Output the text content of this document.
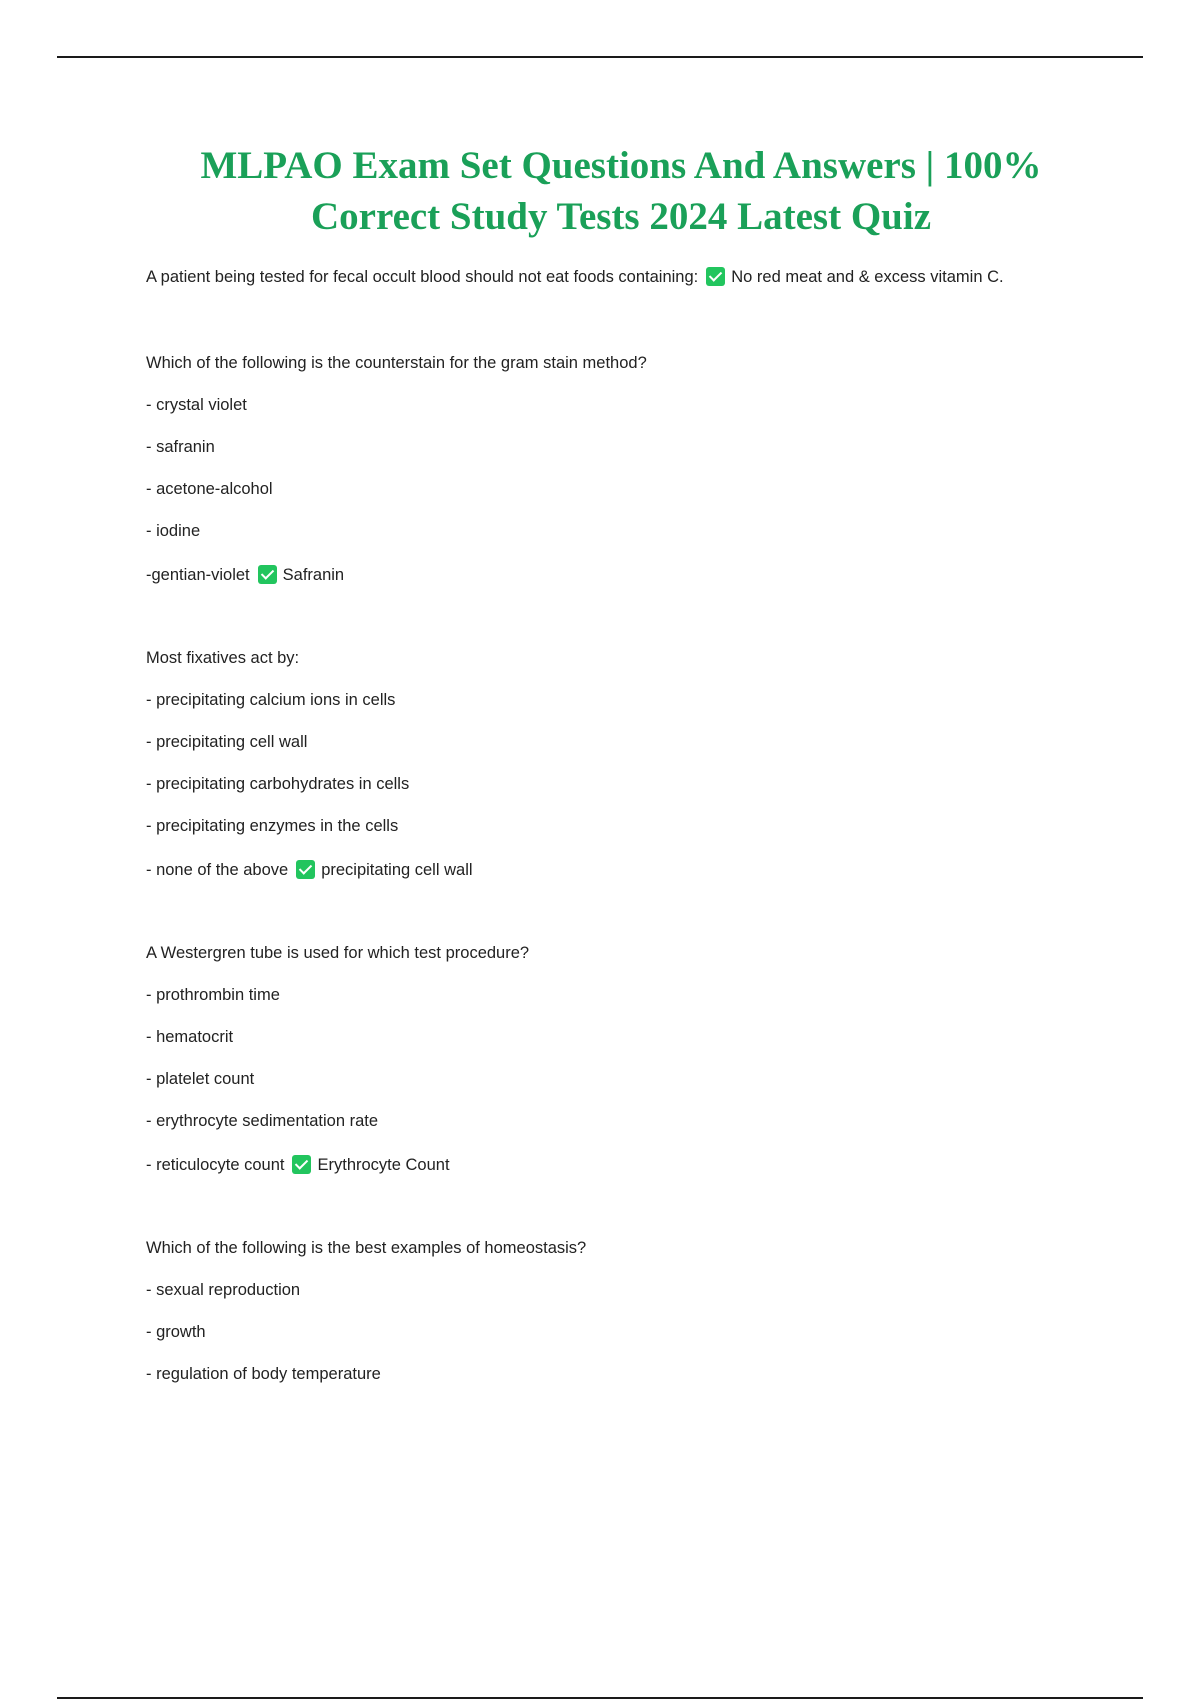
MLPAO Exam Set Questions And Answers | 100% Correct Study Tests 2024 Latest Quiz

A patient being tested for fecal occult blood should not eat foods containing: No red meat and & excess vitamin C.

Which of the following is the counterstain for the gram stain method?

- crystal violet

- safranin

- acetone-alcohol

- iodine

-gentian-violet Safranin

Most fixatives act by:

- precipitating calcium ions in cells

- precipitating cell wall

- precipitating carbohydrates in cells

- precipitating enzymes in the cells

- none of the above precipitating cell wall

A Westergren tube is used for which test procedure?

- prothrombin time

- hematocrit

- platelet count

- erythrocyte sedimentation rate

- reticulocyte count Erythrocyte Count

Which of the following is the best examples of homeostasis?

- sexual reproduction

- growth

- regulation of body temperature
